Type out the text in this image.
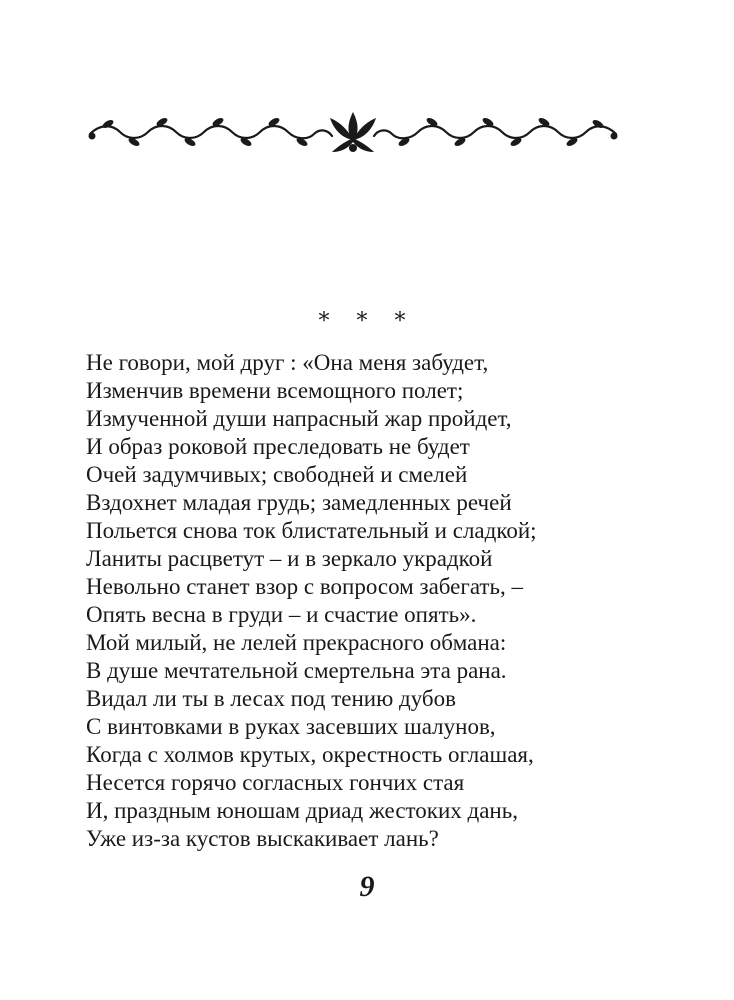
* * *
Не говори, мой друг : «Она меня забудет,
Изменчив времени всемощного полет;
Измученной души напрасный жар пройдет,
И образ роковой преследовать не будет
Очей задумчивых; свободней и смелей
Вздохнет младая грудь; замедленных речей
Польется снова ток блистательный и сладкой;
Ланиты расцветут – и в зеркало украдкой
Невольно станет взор с вопросом забегать, –
Опять весна в груди – и счастие опять».
Мой милый, не лелей прекрасного обмана:
В душе мечтательной смертельна эта рана.
Видал ли ты в лесах под тению дубов
С винтовками в руках засевших шалунов,
Когда с холмов крутых, окрестность оглашая,
Несется горячо согласных гончих стая
И, праздным юношам дриад жестоких дань,
Уже из-за кустов выскакивает лань?
9
